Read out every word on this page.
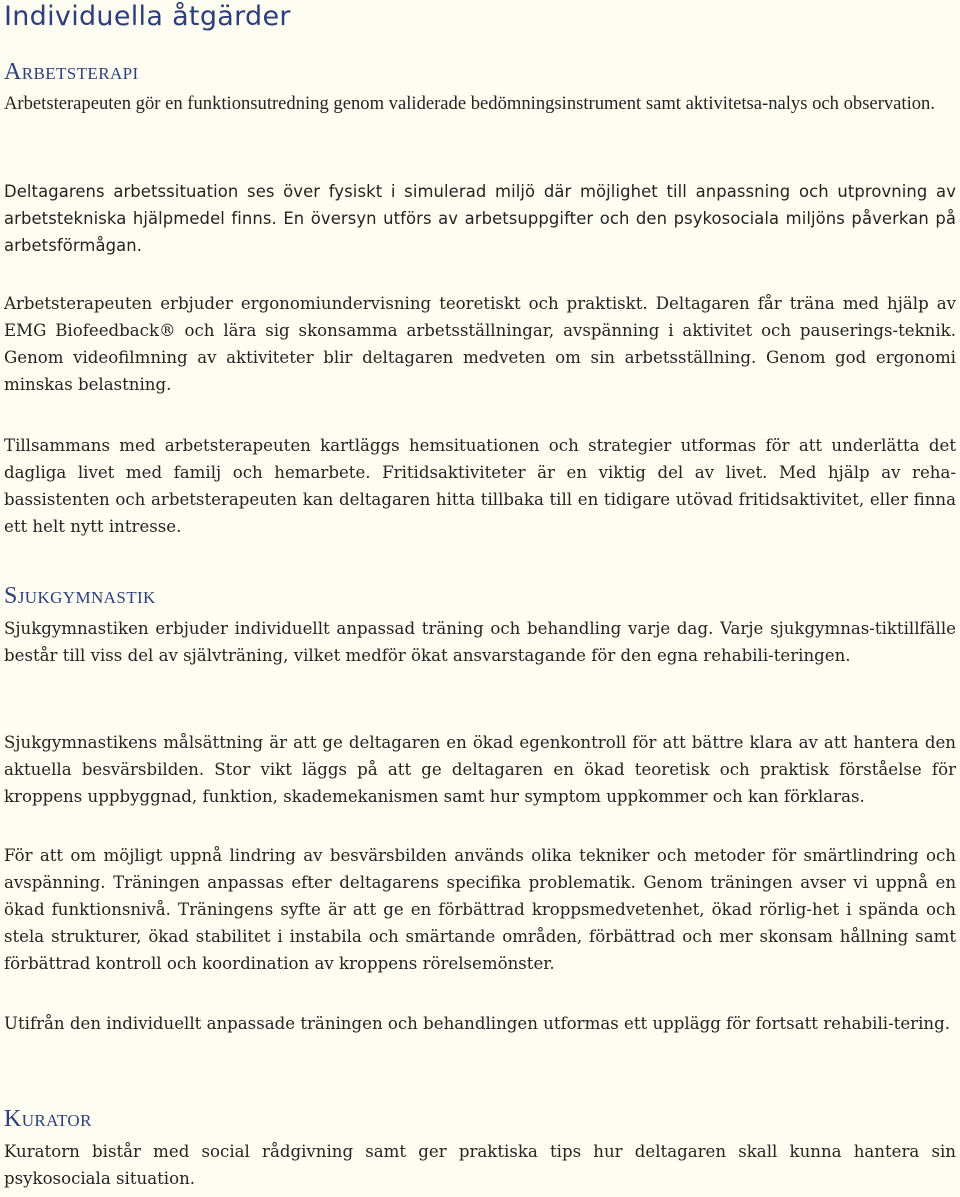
Individuella åtgärder
Arbetsterapi

Arbetsterapeuten gör en funktionsutredning genom validerade bedömningsinstrument samt aktivitetsa-nalys och observation.

Deltagarens arbetssituation ses över fysiskt i simulerad miljö där möjlighet till anpassning och utprovning av arbetstekniska hjälpmedel finns. En översyn utförs av arbetsuppgifter och den psykosociala miljöns påverkan på arbetsförmågan.

Arbetsterapeuten erbjuder ergonomiundervisning teoretiskt och praktiskt. Deltagaren får träna med hjälp av EMG Biofeedback® och lära sig skonsamma arbetsställningar, avspänning i aktivitet och pauserings-teknik. Genom videofilmning av aktiviteter blir deltagaren medveten om sin arbetsställning. Genom god ergonomi minskas belastning.

Tillsammans med arbetsterapeuten kartläggs hemsituationen och strategier utformas för att underlätta det dagliga livet med familj och hemarbete. Fritidsaktiviteter är en viktig del av livet. Med hjälp av reha-bassistenten och arbetsterapeuten kan deltagaren hitta tillbaka till en tidigare utövad fritidsaktivitet, eller finna ett helt nytt intresse.

Sjukgymnastik

Sjukgymnastiken erbjuder individuellt anpassad träning och behandling varje dag. Varje sjukgymnas-tiktillfälle består till viss del av självträning, vilket medför ökat ansvarstagande för den egna rehabili-teringen.

Sjukgymnastikens målsättning är att ge deltagaren en ökad egenkontroll för att bättre klara av att hantera den aktuella besvärsbilden. Stor vikt läggs på att ge deltagaren en ökad teoretisk och praktisk förståelse för kroppens uppbyggnad, funktion, skademekanismen samt hur symptom uppkommer och kan förklaras.

För att om möjligt uppnå lindring av besvärsbilden används olika tekniker och metoder för smärtlindring och avspänning. Träningen anpassas efter deltagarens specifika problematik. Genom träningen avser vi uppnå en ökad funktionsnivå. Träningens syfte är att ge en förbättrad kroppsmedvetenhet, ökad rörlig-het i spända och stela strukturer, ökad stabilitet i instabila och smärtande områden, förbättrad och mer skonsam hållning samt förbättrad kontroll och koordination av kroppens rörelsemönster.

Utifrån den individuellt anpassade träningen och behandlingen utformas ett upplägg för fortsatt rehabili-tering.

Kurator

Kuratorn bistår med social rådgivning samt ger praktiska tips hur deltagaren skall kunna hantera sin psykosociala situation.
